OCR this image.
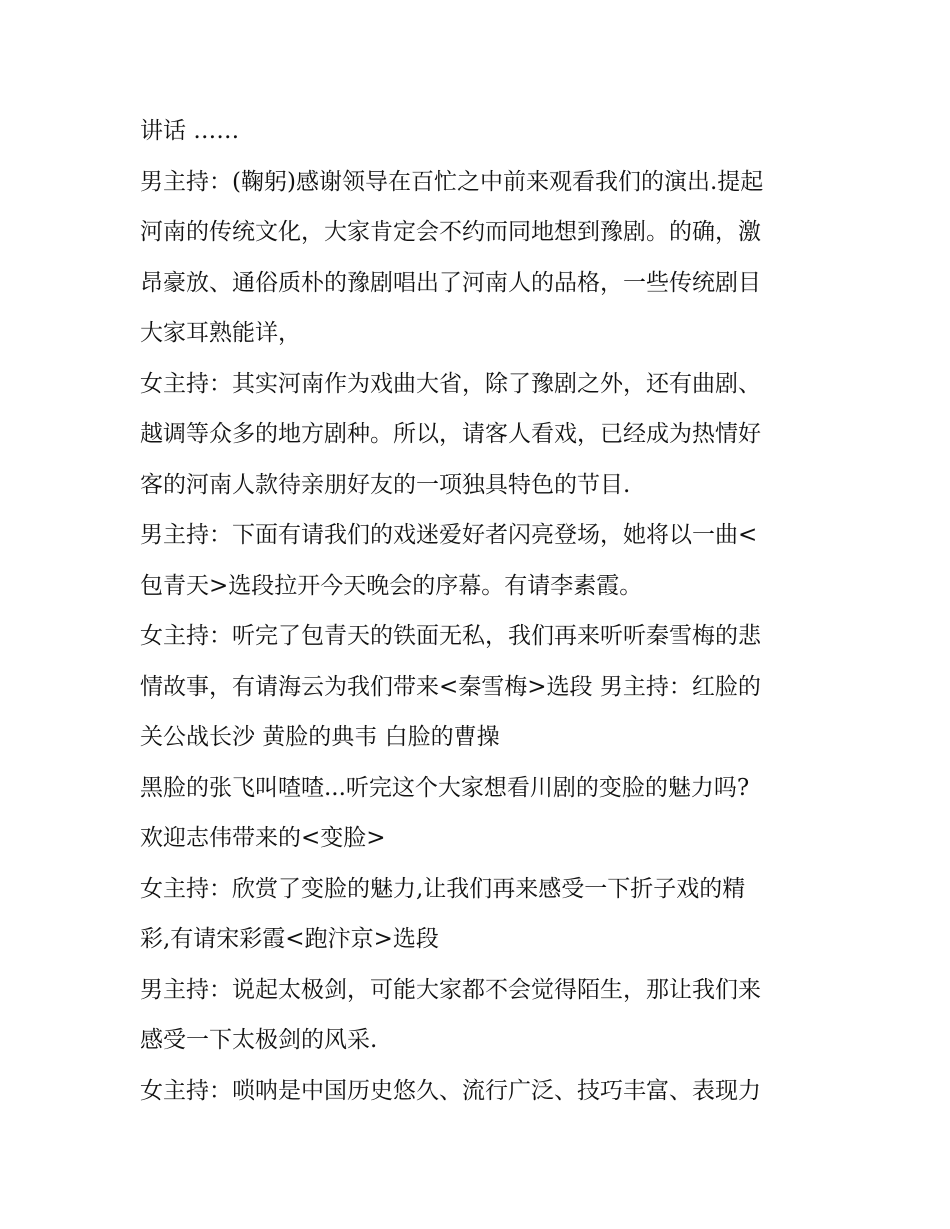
讲话 ……
男主持：(鞠躬)感谢领导在百忙之中前来观看我们的演出.提起
河南的传统文化，大家肯定会不约而同地想到豫剧。的确，激
昂豪放、通俗质朴的豫剧唱出了河南人的品格，一些传统剧目
大家耳熟能详，
女主持：其实河南作为戏曲大省，除了豫剧之外，还有曲剧、
越调等众多的地方剧种。所以，请客人看戏，已经成为热情好
客的河南人款待亲朋好友的一项独具特色的节目.
男主持：下面有请我们的戏迷爱好者闪亮登场，她将以一曲<
包青天>选段拉开今天晚会的序幕。有请李素霞。
女主持：听完了包青天的铁面无私，我们再来听听秦雪梅的悲
情故事，有请海云为我们带来<秦雪梅>选段 男主持：红脸的
关公战长沙 黄脸的典韦 白脸的曹操
黑脸的张飞叫喳喳...听完这个大家想看川剧的变脸的魅力吗?
欢迎志伟带来的<变脸>
女主持：欣赏了变脸的魅力,让我们再来感受一下折子戏的精
彩,有请宋彩霞<跑汴京>选段
男主持：说起太极剑，可能大家都不会觉得陌生，那让我们来
感受一下太极剑的风采.
女主持：唢呐是中国历史悠久、流行广泛、技巧丰富、表现力
